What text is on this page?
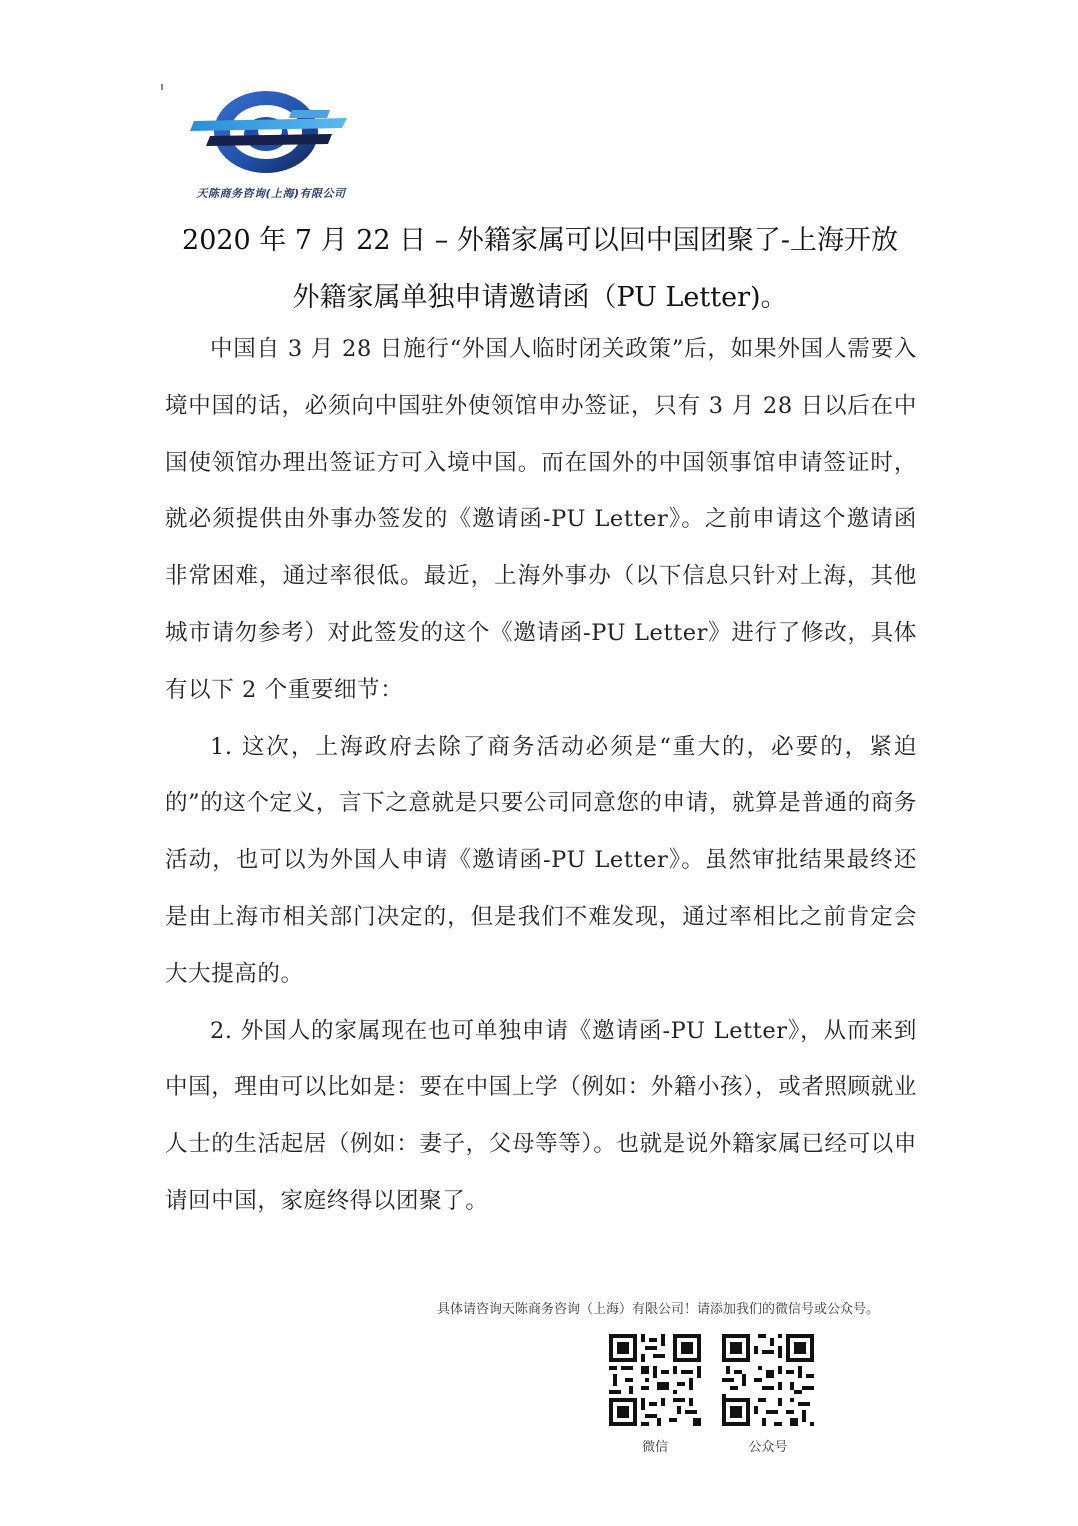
天陈商务咨询(上海)有限公司
2020 年 7 月 22 日 – 外籍家属可以回中国团聚了-上海开放
外籍家属单独申请邀请函（PU Letter)。

中国自 3 月 28 日施行“外国人临时闭关政策”后，如果外国人需要入境中国的话，必须向中国驻外使领馆申办签证，只有 3 月 28 日以后在中国使领馆办理出签证方可入境中国。而在国外的中国领事馆申请签证时，就必须提供由外事办签发的《邀请函-PU Letter》。之前申请这个邀请函非常困难，通过率很低。最近，上海外事办（以下信息只针对上海，其他城市请勿参考）对此签发的这个《邀请函-PU Letter》进行了修改，具体有以下 2 个重要细节：

1. 这次，上海政府去除了商务活动必须是“重大的，必要的，紧迫的”的这个定义，言下之意就是只要公司同意您的申请，就算是普通的商务活动，也可以为外国人申请《邀请函-PU Letter》。虽然审批结果最终还是由上海市相关部门决定的，但是我们不难发现，通过率相比之前肯定会大大提高的。

2. 外国人的家属现在也可单独申请《邀请函-PU Letter》，从而来到中国，理由可以比如是：要在中国上学（例如：外籍小孩），或者照顾就业人士的生活起居（例如：妻子，父母等等）。也就是说外籍家属已经可以申请回中国，家庭终得以团聚了。

具体请咨询天陈商务咨询（上海）有限公司！请添加我们的微信号或公众号。
微信	公众号
